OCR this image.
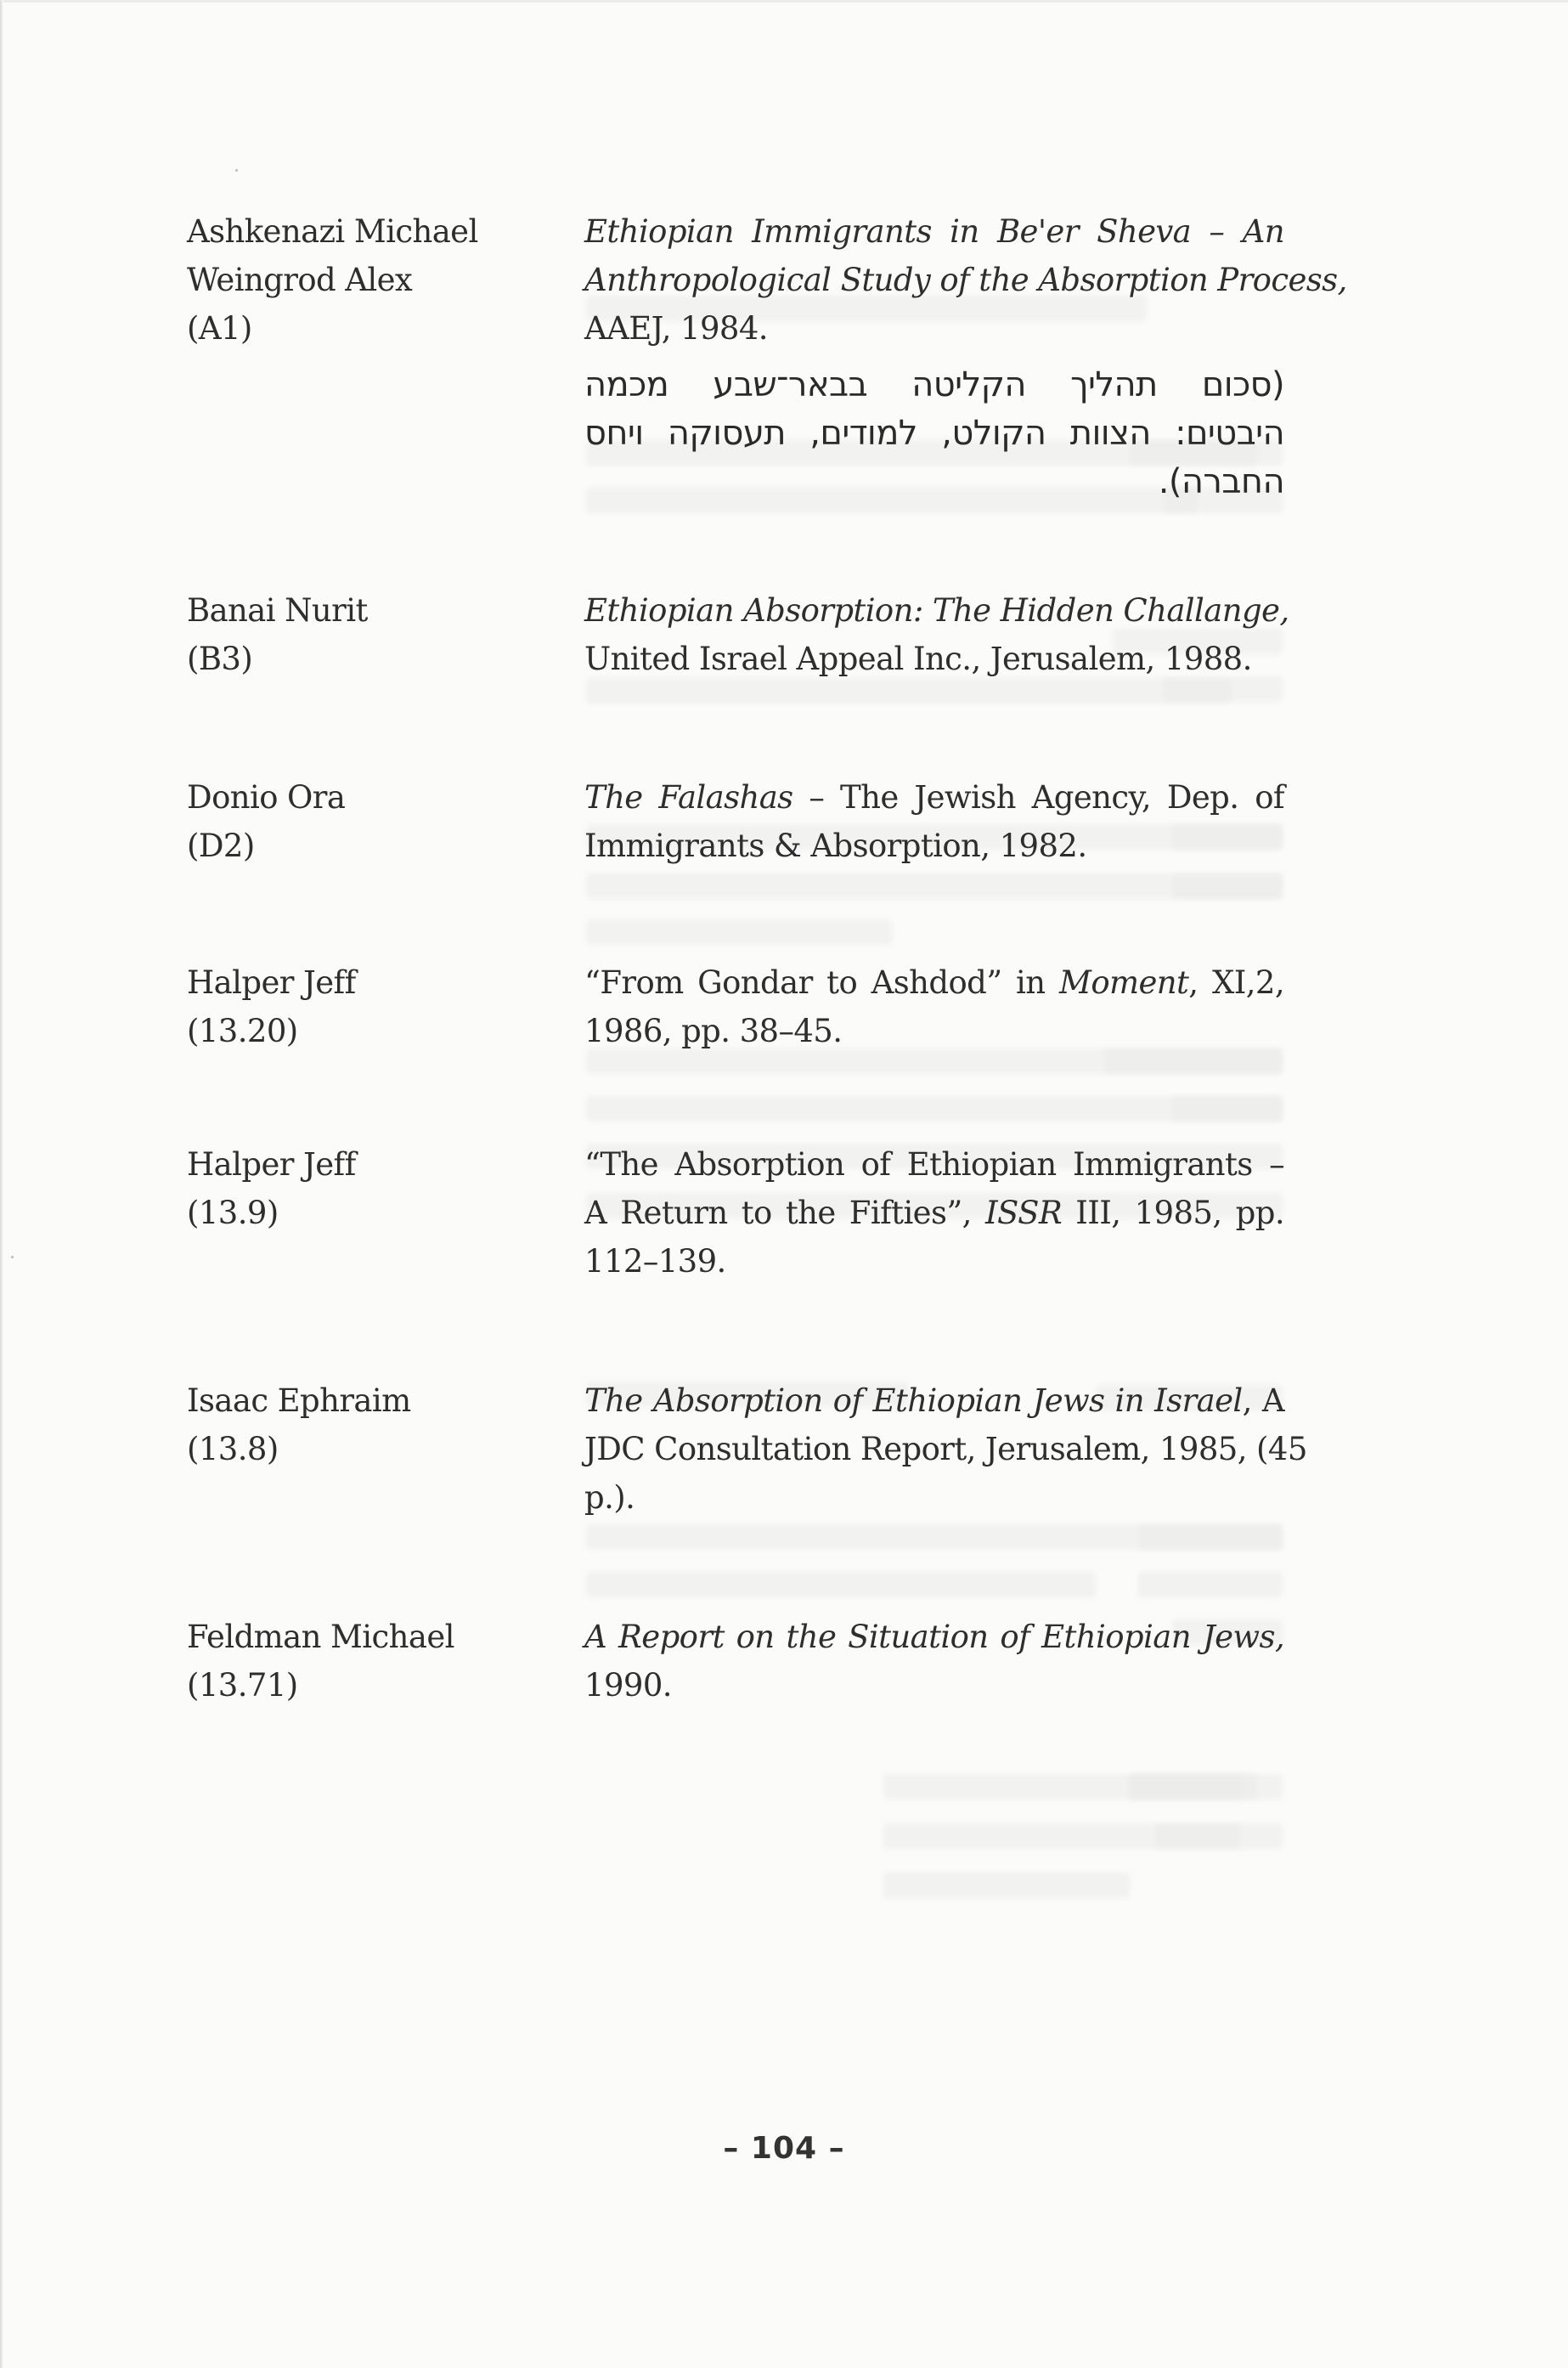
Ashkenazi Michael
Weingrod Alex
(A1)
Ethiopian Immigrants in Be'er Sheva – An
Anthropological Study of the Absorption Process,
AAEJ, 1984.
(סכום תהליך הקליטה בבאר־שבע מכמה
היבטים: הצוות הקולט, למודים, תעסוקה ויחס
החברה).
Banai Nurit
(B3)
Ethiopian Absorption: The Hidden Challange,
United Israel Appeal Inc., Jerusalem, 1988.
Donio Ora
(D2)
The Falashas – The Jewish Agency, Dep. of
Immigrants & Absorption, 1982.
Halper Jeff
(13.20)
“From Gondar to Ashdod” in Moment, XI,2,
1986, pp. 38–45.
Halper Jeff
(13.9)
“The Absorption of Ethiopian Immigrants –
A Return to the Fifties”, ISSR III, 1985, pp.
112–139.
Isaac Ephraim
(13.8)
The Absorption of Ethiopian Jews in Israel, A
JDC Consultation Report, Jerusalem, 1985, (45
p.).
Feldman Michael
(13.71)
A Report on the Situation of Ethiopian Jews,
1990.
– 104 –
